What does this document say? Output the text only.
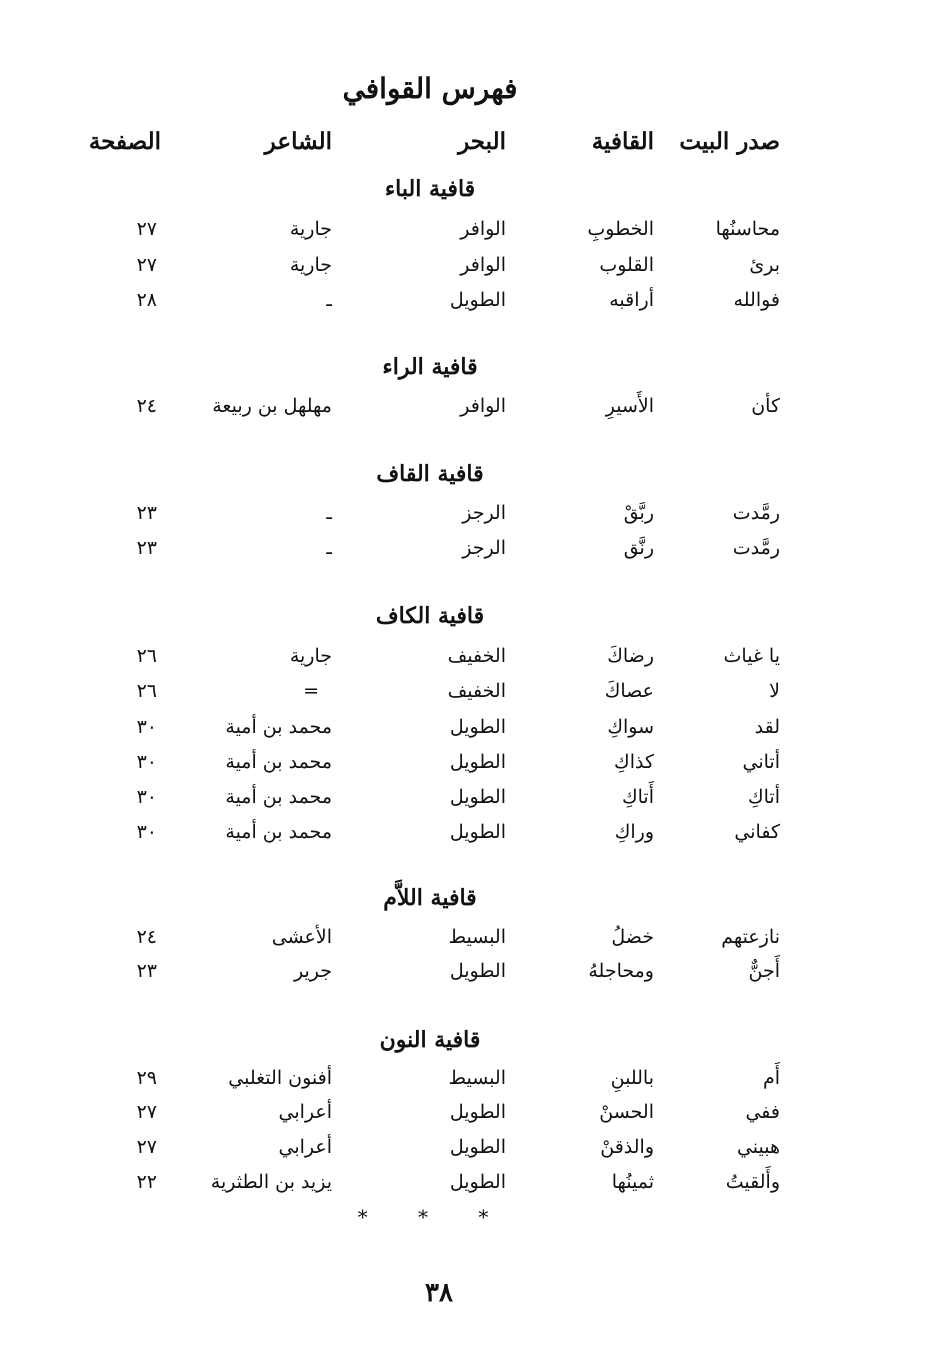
فهرس القوافي
صدر البيت
القافية
البحر
الشاعر
الصفحة
قافية الباء
محاسنُها
الخطوبِ
الوافر
جارية
٢٧
برئ
القلوب
الوافر
جارية
٢٧
فوالله
أراقبه
الطويل
ـ
٢٨
قافية الراء
كأن
الأَسيرِ
الوافر
مهلهل بن ربيعة
٢٤
قافية القاف
رمَّدت
ربَّقْ
الرجز
ـ
٢٣
رمَّدت
رنَّق
الرجز
ـ
٢٣
قافية الكاف
يا غياث
رضاكَ
الخفيف
جارية
٢٦
لا
عصاكَ
الخفيف
=
٢٦
لقد
سواكِ
الطويل
محمد بن أمية
٣٠
أتاني
كذاكِ
الطويل
محمد بن أمية
٣٠
أتاكِ
أَتاكِ
الطويل
محمد بن أمية
٣٠
كفاني
وراكِ
الطويل
محمد بن أمية
٣٠
قافية اللاَّم
نازعتهم
خضلُ
البسيط
الأعشى
٢٤
أَجنٌّ
ومحاجلهُ
الطويل
جرير
٢٣
قافية النون
أَم
باللبنِ
البسيط
أفنون التغلبي
٢٩
ففي
الحسنْ
الطويل
أعرابي
٢٧
هبيني
والذقنْ
الطويل
أعرابي
٢٧
وأَلقيتُ
ثمينُها
الطويل
يزيد بن الطثرية
٢٢
* * *
٣٨
